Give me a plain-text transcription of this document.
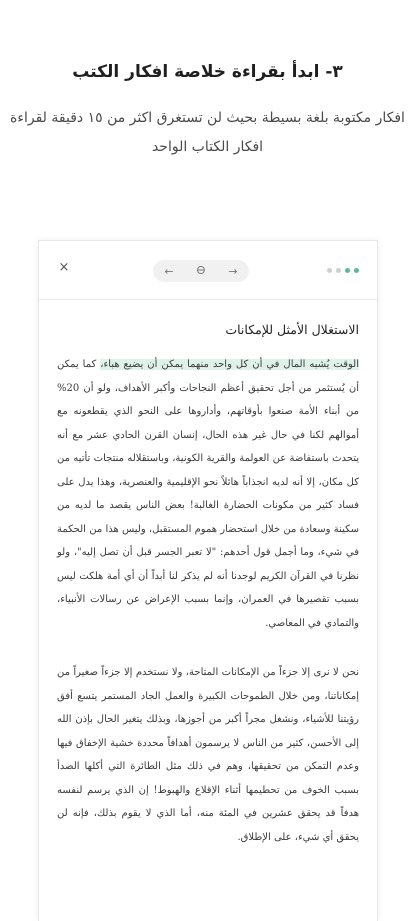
٣- ابدأ بقراءة خلاصة افكار الكتب

افكار مكتوبة بلغة بسيطة بحيث لن تستغرق اكثر من ١٥ دقيقة لقراءة افكار الكتاب الواحد

×	←	Ꮎ	→
الاستغلال الأمثل للإمكانات

الوقت يُشبه المال في أن كل واحد منهما يمكن أن يضيع هباء، كما يمكن أن يُستثمر من أجل تحقيق أعظم النجاحات وأكبر الأهداف، ولو أن 20% من أبناء الأمة صنعوا بأوقاتهم، وأداروها على النحو الذي يقطعونه مع أموالهم لكنا في حال غير هذه الحال، إنسان القرن الحادي عشر مع أنه يتحدث باستفاضة عن العولمة والقرية الكونية، وباستقلاله منتجات تأتيه من كل مكان، إلا أنه لديه انجذاباً هائلاً نحو الإقليمية والعنصرية، وهذا يدل على فساد كثير من مكونات الحضارة الغالبة! بعض الناس يقصد ما لديه من سكينة وسعادة من خلال استحضار هموم المستقبل، وليس هذا من الحكمة في شيء، وما أجمل قول أحدهم: "لا تعبر الجسر قبل أن تصل إليه"، ولو نظرنا في القرآن الكريم لوجدنا أنه لم يذكر لنا أبداً أن أي أمة هلكت ليس بسبب تقصيرها في العمران، وإنما بسبب الإعراض عن رسالات الأنبياء، والتمادي في المعاصي.

نحن لا نرى إلا جزءاً من الإمكانات المتاحة، ولا نستخدم إلا جزءاً صغيراً من إمكاناتنا، ومن خلال الطموحات الكبيرة والعمل الجاد المستمر يتسع أفق رؤيتنا للأشياء، ونشغل مجراً أكبر من أجوزها، وبذلك يتغير الحال بإذن الله إلى الأحسن، كثير من الناس لا يرسمون أهدافاً محددة خشية الإخفاق فيها وعدم التمكن من تحقيقها، وهم في ذلك مثل الطائرة التي أكلها الصدأ بسبب الخوف من تحطيمها أثناء الإقلاع والهبوط! إن الذي يرسم لنفسه هدفاً قد يحقق عشرين في المئة منه، أما الذي لا يقوم بذلك، فإنه لن يحقق أي شيء، على الإطلاق.
